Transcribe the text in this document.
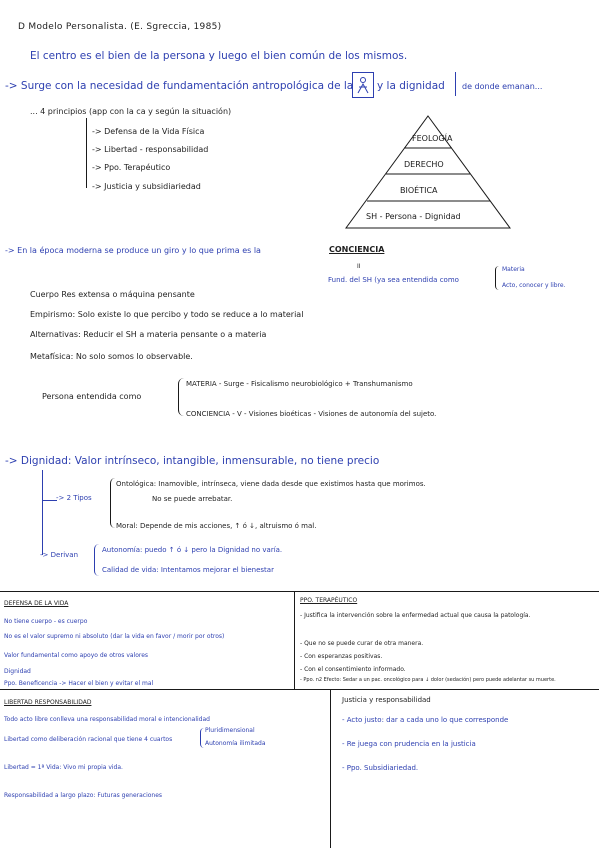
D Modelo Personalista. (E. Sgreccia, 1985)
El centro es el bien de la persona y luego el bien común de los mismos.
-> Surge con la necesidad de fundamentación antropológica de la y la dignidad de donde emanan...
... 4 principios (app con la ca y según la situación)
-> Defensa de la Vida Física
-> Libertad - responsabilidad
-> Ppo. Terapéutico
-> Justicia y subsidiariedad
FEOLOGÍA
DERECHO
BIOÉTICA
SH - Persona - Dignidad
-> En la época moderna se produce un giro y lo que prima es la	CONCIENCIA
II
Fund. del SH (ya sea entendida como
Materia
Acto, conocer y libre.
Cuerpo Res extensa o máquina pensante
Empirismo: Solo existe lo que percibo y todo se reduce a lo material
Alternativas: Reducir el SH a materia pensante o a materia
Metafísica: No solo somos lo observable.
Persona entendida como
MATERIA - Surge - Fisicalismo neurobiológico + Transhumanismo
CONCIENCIA - V - Visiones bioéticas - Visiones de autonomía del sujeto.
-> Dignidad: Valor intrínseco, intangible, inmensurable, no tiene precio
-> 2 Tipos
Ontológica: Inamovible, intrínseca, viene dada desde que existimos hasta que morimos.
No se puede arrebatar.
Moral: Depende de mis acciones, ↑ ó ↓, altruismo ó mal.
-> Derivan
Autonomía: puedo ↑ ó ↓ pero la Dignidad no varía.
Calidad de vida: Intentamos mejorar el bienestar
DEFENSA DE LA VIDA
No tiene cuerpo - es cuerpo
No es el valor supremo ni absoluto (dar la vida en favor / morir por otros)
Valor fundamental como apoyo de otros valores
Dignidad
Ppo. Beneficencia -> Hacer el bien y evitar el mal
PPO. TERAPÉUTICO
- Justifica la intervención sobre la enfermedad actual que causa la patología.
- Que no se puede curar de otra manera.
- Con esperanzas positivas.
- Con el consentimiento informado.
- Ppo. n2 Efecto: Sedar a un pac. oncológico para ↓ dolor (sedación) pero puede adelantar su muerte.
LIBERTAD RESPONSABILIDAD
Todo acto libre conlleva una responsabilidad moral e intencionalidad
Libertad como deliberación racional que tiene 4 cuartos
Pluridimensional
Autonomía ilimitada
Libertad = 1ª Vida: Vivo mi propia vida.
Responsabilidad a largo plazo: Futuras generaciones
Justicia y responsabilidad
- Acto justo: dar a cada uno lo que corresponde
- Re juega con prudencia en la justicia
- Ppo. Subsidiariedad.
